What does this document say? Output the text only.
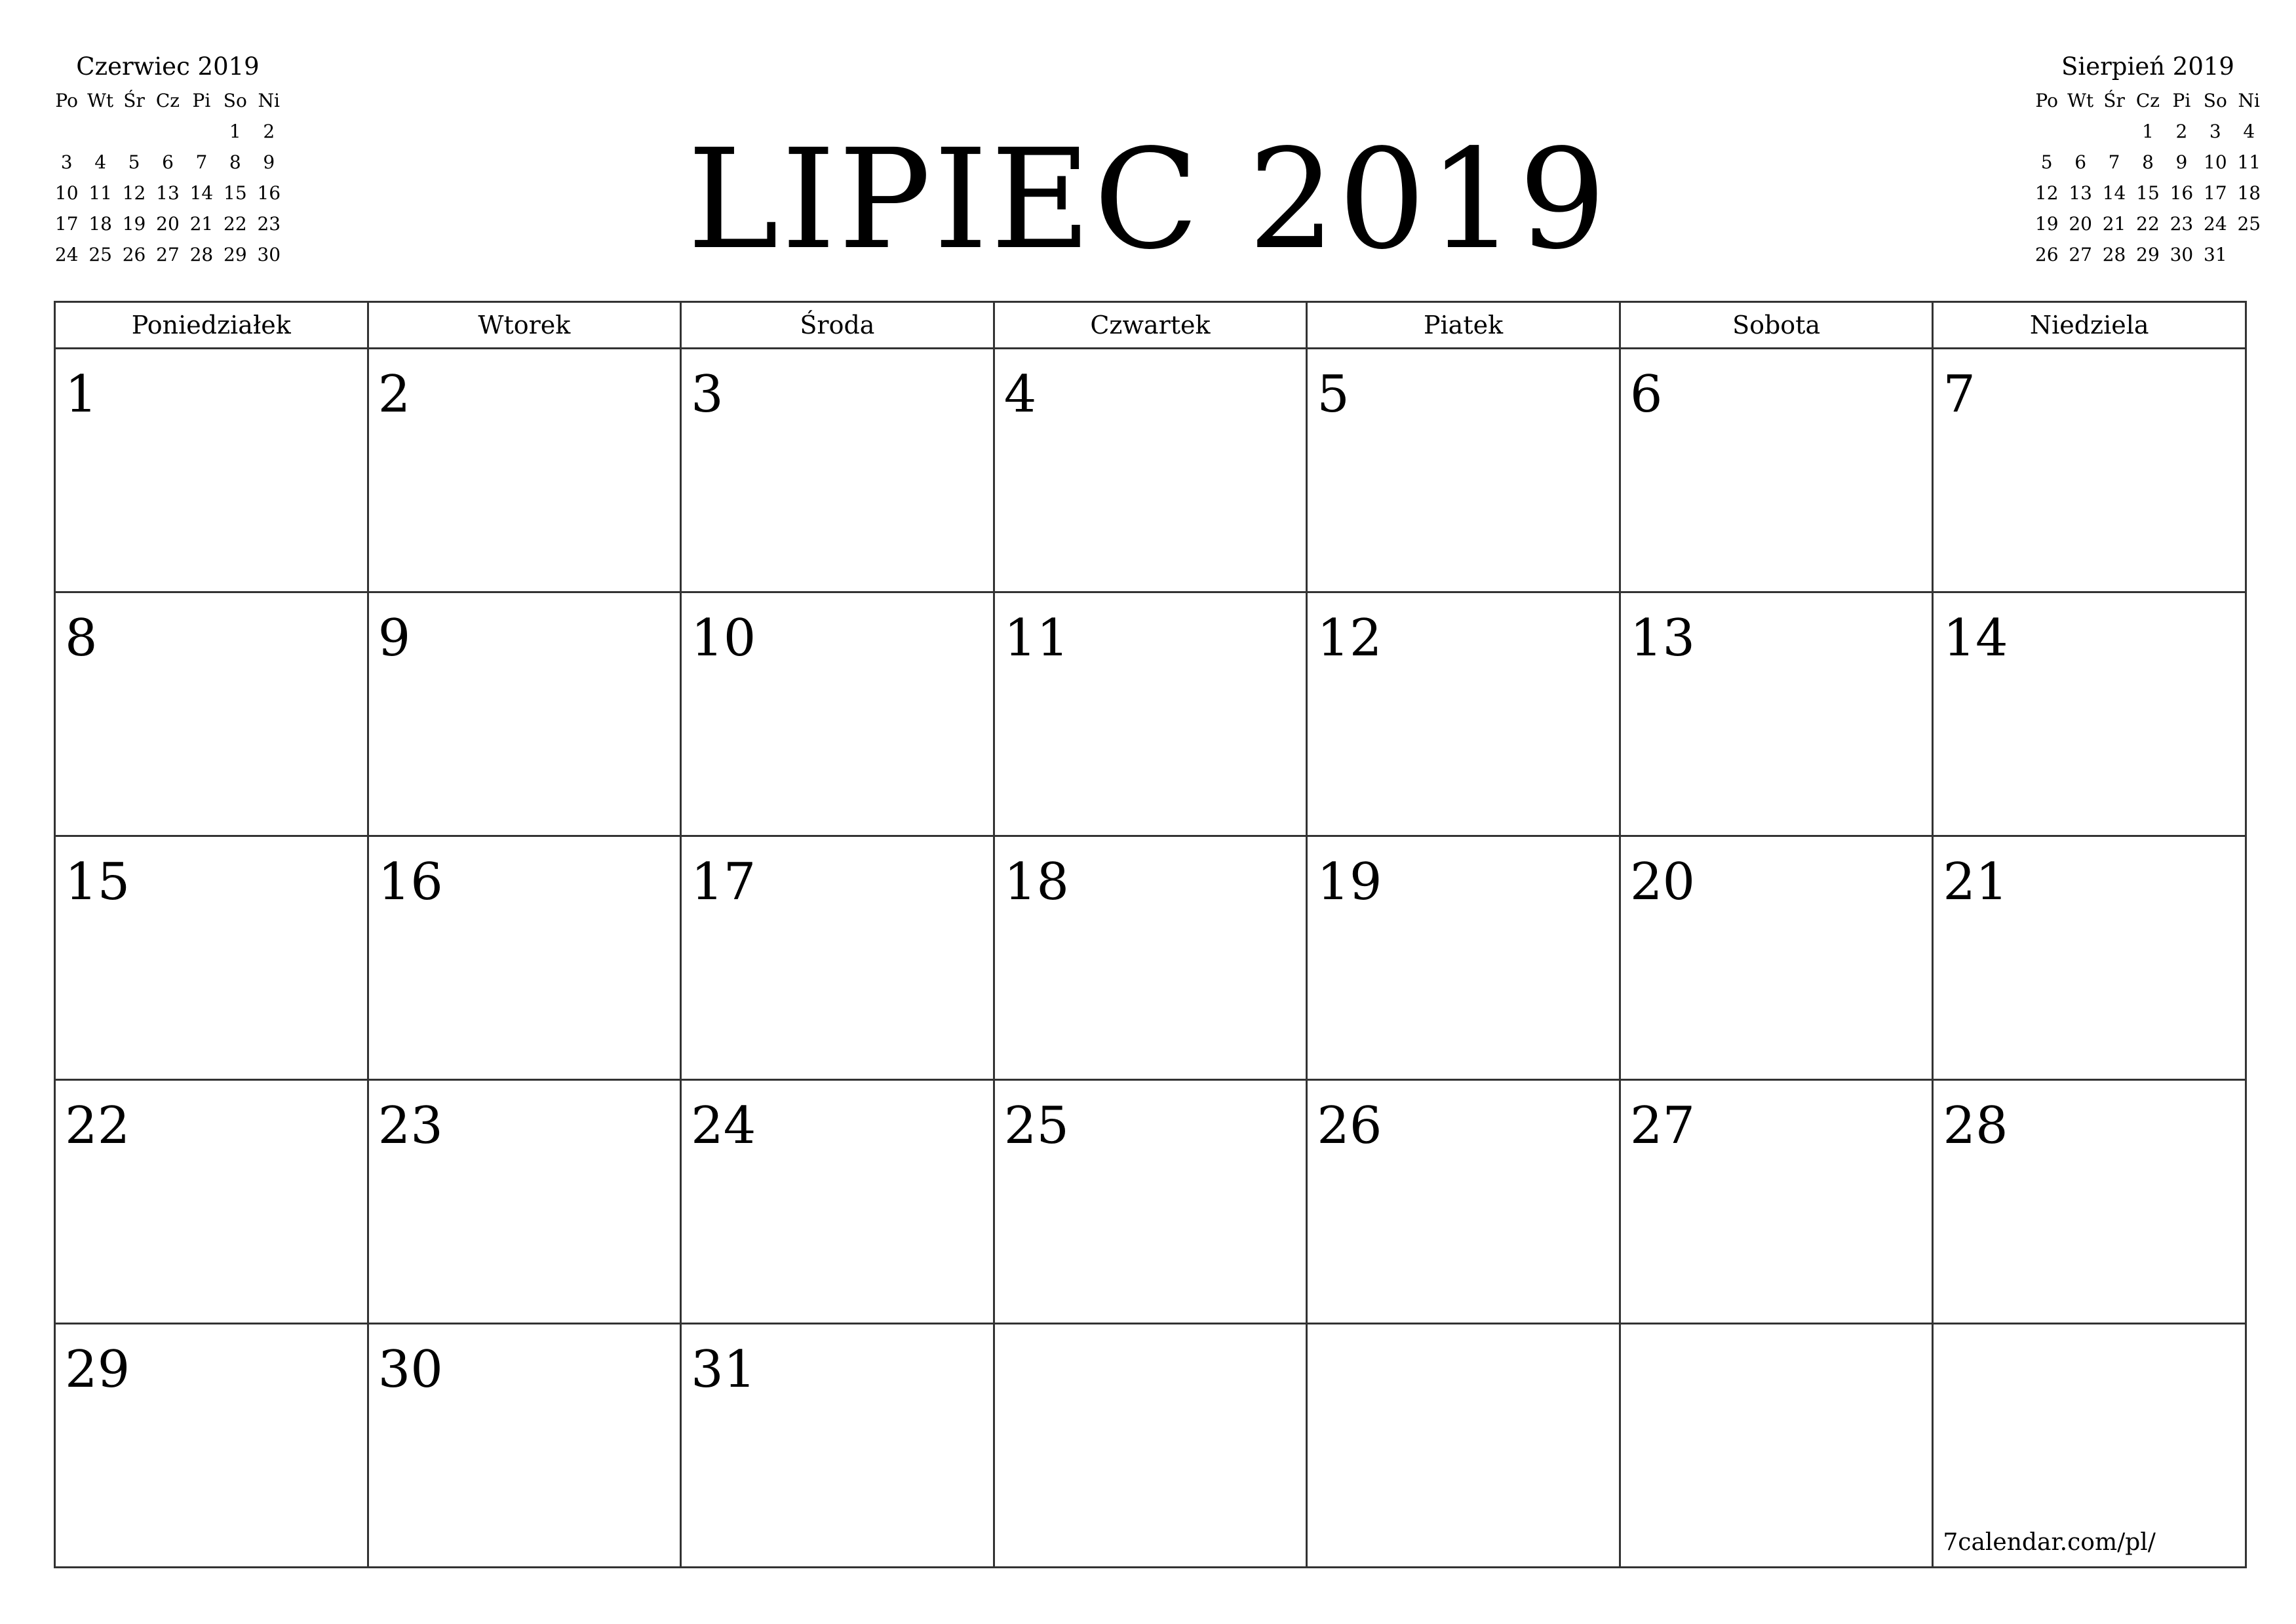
Czerwiec 2019
Po	Wt	Śr	Cz	Pi	So	Ni
					1	2
3	4	5	6	7	8	9
10	11	12	13	14	15	16
17	18	19	20	21	22	23
24	25	26	27	28	29	30	LIPIEC 2019
Sierpień 2019
Po	Wt	Śr	Cz	Pi	So	Ni
			1	2	3	4
5	6	7	8	9	10	11
12	13	14	15	16	17	18
19	20	21	22	23	24	25
26	27	28	29	30	31	
Poniedziałek	Wtorek	Środa	Czwartek	Piatek	Sobota	Niedziela

1	2	3	4	5	6	7

8	9	10	11	12	13	14

15	16	17	18	19	20	21

22	23	24	25	26	27	28

29	30	31				7calendar.com/pl/
